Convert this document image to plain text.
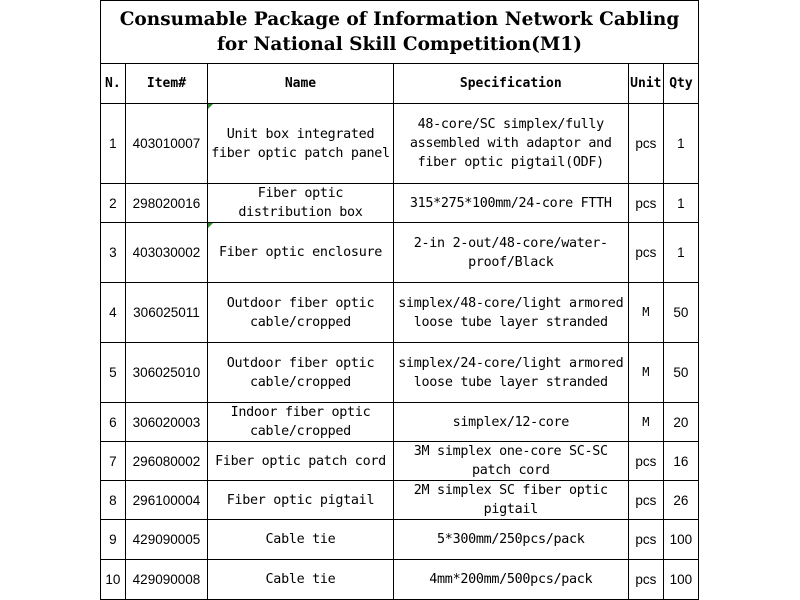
Consumable Package of Information Network Cabling
for National Skill Competition(M1)					

N.	Item#	Name	Specification	Unit	Qty

1	403010007	Unit box integrated fiber optic patch panel	48-core/SC simplex/fully assembled with adaptor and fiber optic pigtail(ODF)	pcs	1

2	298020016	Fiber optic distribution box	315*275*100mm/24-core FTTH	pcs	1

3	403030002	Fiber optic enclosure	2-in 2-out/48-core/water-proof/Black	pcs	1

4	306025011	Outdoor fiber optic cable/cropped	simplex/48-core/light armored loose tube layer stranded	M	50

5	306025010	Outdoor fiber optic cable/cropped	simplex/24-core/light armored loose tube layer stranded	M	50

6	306020003	Indoor fiber optic cable/cropped	simplex/12-core	M	20

7	296080002	Fiber optic patch cord	3M simplex one-core SC-SC patch cord	pcs	16

8	296100004	Fiber optic pigtail	2M simplex SC fiber optic pigtail	pcs	26

9	429090005	Cable tie	5*300mm/250pcs/pack	pcs	100

10	429090008	Cable tie	4mm*200mm/500pcs/pack	pcs	100
